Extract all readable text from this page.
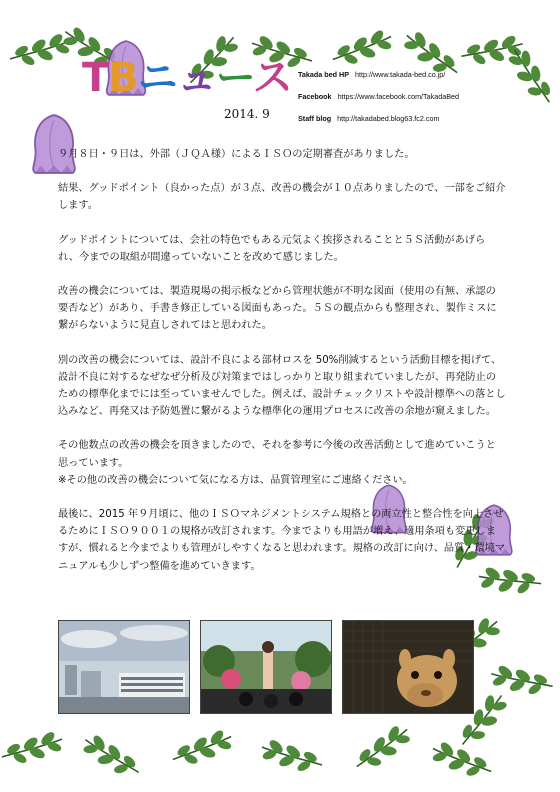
TBニュース
2014. 9
Takada bed HP http://www.takada-bed.co.jp/
Facebook https://www.facebook.com/TakadaBed
Staff blog http://takadabed.blog63.fc2.com

９月８日・９日は、外部（ＪＱＡ様）によるＩＳＯの定期審査がありました。

結果、グッドポイント（良かった点）が３点、改善の機会が１０点ありましたので、一部をご紹介します。

グッドポイントについては、会社の特色でもある元気よく挨拶されることと５Ｓ活動があげられ、今までの取組が間違っていないことを改めて感じました。

改善の機会については、製造現場の掲示板などから管理状態が不明な図面（使用の有無、承認の要否など）があり、手書き修正している図面もあった。５Ｓの観点からも整理され、製作ミスに繋がらないように見直しされてはと思われた。

別の改善の機会については、設計不良による部材ロスを 50%削減するという活動目標を掲げて、設計不良に対するなぜなぜ分析及び対策まではしっかりと取り組まれていましたが、再発防止のための標準化までには至っていませんでした。例えば、設計チェックリストや設計標準への落とし込みなど、再発又は予防処置に繋がるような標準化の運用プロセスに改善の余地が窺えました。

その他数点の改善の機会を頂きましたので、それを参考に今後の改善活動として進めていこうと思っています。

※その他の改善の機会について気になる方は、品質管理室にご連絡ください。

最後に、2015 年９月頃に、他のＩＳＯマネジメントシステム規格との両立性と整合性を向上させるためにＩＳＯ９００１の規格が改訂されます。今までよりも用語が増え、適用条項も変更しますが、慣れると今までよりも管理がしやすくなると思われます。規格の改訂に向け、品質・環境マニュアルも少しずつ整備を進めていきます。
